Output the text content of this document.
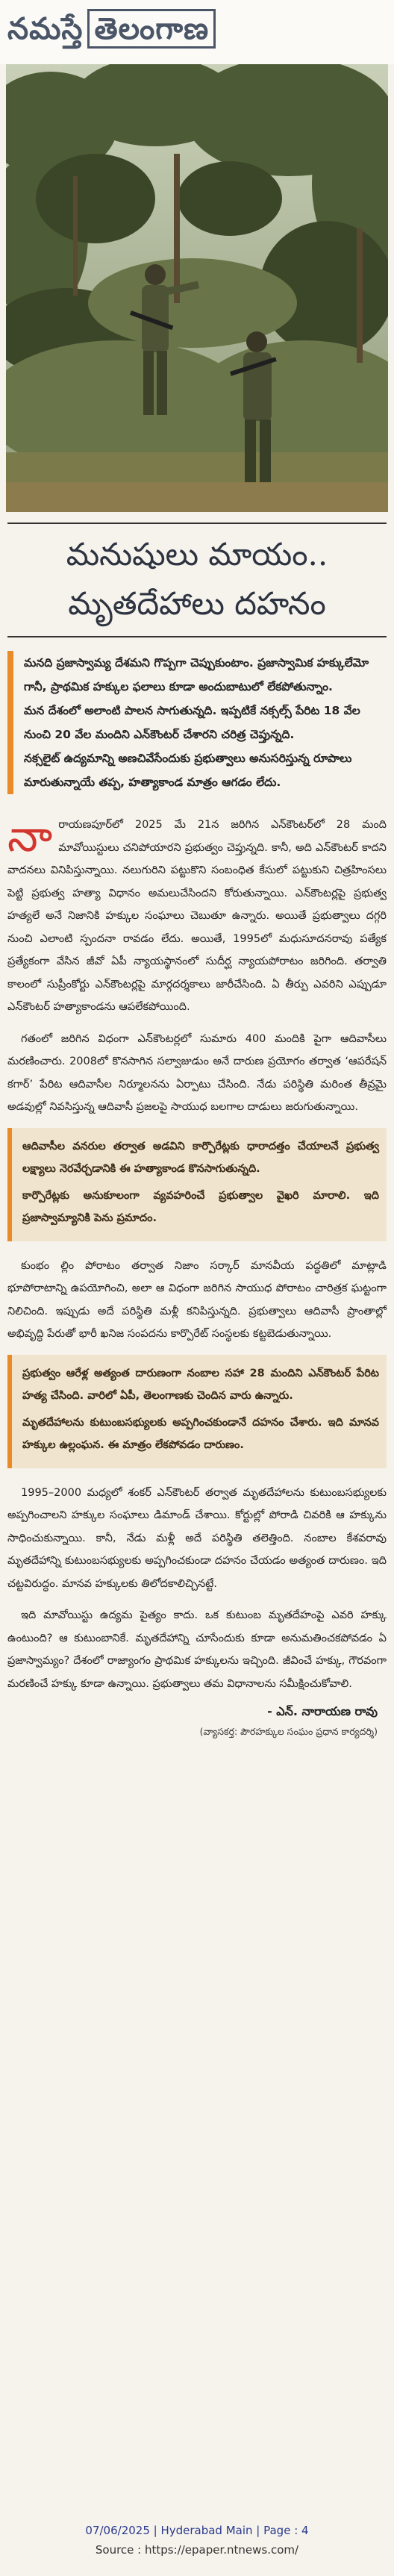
నమస్తే తెలంగాణ
మనుషులు మాయం..
మృతదేహాలు దహనం

మనది ప్రజాస్వామ్య దేశమని గొప్పగా చెప్పుకుంటాం. ప్రజాస్వామిక హక్కులేమో గానీ, ప్రాథమిక హక్కుల ఫలాలు కూడా అందుబాటులో లేకపోతున్నాం.

మన దేశంలో అలాంటి పాలన సాగుతున్నది. ఇప్పటికే నక్సల్స్ పేరిట 18 వేల నుంచి 20 వేల మందిని ఎన్‌కౌంటర్ చేశారని చరిత్ర చెప్తున్నది.

నక్సలైట్ ఉద్యమాన్ని అణచివేసేందుకు ప్రభుత్వాలు అనుసరిస్తున్న రూపాలు మారుతున్నాయే తప్ప, హత్యాకాండ మాత్రం ఆగడం లేదు.

నారాయణపూర్‌లో 2025 మే 21న జరిగిన ఎన్‌కౌంటర్‌లో 28 మంది మావోయిస్టులు చనిపోయారని ప్రభుత్వం చెప్తున్నది. కానీ, అది ఎన్‌కౌంటర్ కాదని వాదనలు వినిపిస్తున్నాయి. నలుగురిని పట్టుకొని సంబంధిత కేసులో పట్టుకుని చిత్రహింసలు పెట్టి ప్రభుత్వ హత్యా విధానం అమలుచేసిందని కోరుతున్నాయి. ఎన్‌కౌంటర్లపై ప్రభుత్వ హత్యలే అనే నిజానికి హక్కుల సంఘాలు చెబుతూ ఉన్నారు. అయితే ప్రభుత్వాలు దగ్గరి నుంచి ఎలాంటి స్పందనా రావడం లేదు. అయితే, 1995లో మధుసూదనరావు పత్యేక ప్రత్యేకంగా వేసిన జీవో ఏపీ న్యాయస్థానంలో సుదీర్ఘ న్యాయపోరాటం జరిగింది. తర్వాతి కాలంలో సుప్రీంకోర్టు ఎన్‌కౌంటర్లపై మార్గదర్శకాలు జారీచేసింది. ఏ తీర్పు ఎవరిని ఎప్పుడూ ఎన్‌కౌంటర్ హత్యాకాండను ఆపలేకపోయింది.

గతంలో జరిగిన విధంగా ఎన్‌కౌంటర్లలో సుమారు 400 మందికి పైగా ఆదివాసీలు మరణించారు. 2008లో కొనసాగిన సల్వాజుడుం అనే దారుణ ప్రయోగం తర్వాత ‘ఆపరేషన్ కగార్’ పేరిట ఆదివాసీల నిర్మూలనను ఏర్పాటు చేసింది. నేడు పరిస్థితి మరింత తీవ్రమై అడవుల్లో నివసిస్తున్న ఆదివాసీ ప్రజలపై సాయుధ బలగాల దాడులు జరుగుతున్నాయి.

ఆదివాసీల వనరుల తర్వాత అడవిని కార్పొరేట్లకు ధారాదత్తం చేయాలనే ప్రభుత్వ లక్ష్యాలు నెరవేర్చడానికి ఈ హత్యాకాండ కొనసాగుతున్నది.

కార్పొరేట్లకు అనుకూలంగా వ్యవహరించే ప్రభుత్వాల వైఖరి మారాలి. ఇది ప్రజాస్వామ్యానికి పెను ప్రమాదం.

కుంభం ల్లిం పోరాటం తర్వాత నిజాం సర్కార్ మానవీయ పద్ధతిలో మాట్లాడి భూపోరాటాన్ని ఉపయోగించి, అలా ఆ విధంగా జరిగిన సాయుధ పోరాటం చారిత్రక ఘట్టంగా నిలిచింది. ఇప్పుడు అదే పరిస్థితి మళ్లీ కనిపిస్తున్నది. ప్రభుత్వాలు ఆదివాసీ ప్రాంతాల్లో అభివృద్ధి పేరుతో భారీ ఖనిజ సంపదను కార్పొరేట్ సంస్థలకు కట్టబెడుతున్నాయి.

ప్రభుత్వం ఆరేళ్ల అత్యంత దారుణంగా నంబాల సహా 28 మందిని ఎన్‌కౌంటర్ పేరిట హత్య చేసింది. వారిలో ఏపీ, తెలంగాణకు చెందిన వారు ఉన్నారు.

మృతదేహాలను కుటుంబసభ్యులకు అప్పగించకుండానే దహనం చేశారు. ఇది మానవ హక్కుల ఉల్లంఘన. ఈ మాత్రం లేకపోవడం దారుణం.

1995–2000 మధ్యలో శంకర్ ఎన్‌కౌంటర్ తర్వాత మృతదేహాలను కుటుంబసభ్యులకు అప్పగించాలని హక్కుల సంఘాలు డిమాండ్ చేశాయి. కోర్టుల్లో పోరాడి చివరికి ఆ హక్కును సాధించుకున్నాయి. కానీ, నేడు మళ్లీ అదే పరిస్థితి తలెత్తింది. నంబాల కేశవరావు మృతదేహాన్ని కుటుంబసభ్యులకు అప్పగించకుండా దహనం చేయడం అత్యంత దారుణం. ఇది చట్టవిరుద్ధం. మానవ హక్కులకు తిలోదకాలిచ్చినట్టే.

ఇది మావోయిస్టు ఉద్యమ పైత్యం కాదు. ఒక కుటుంబ మృతదేహంపై ఎవరి హక్కు ఉంటుంది? ఆ కుటుంబానికే. మృతదేహాన్ని చూసేందుకు కూడా అనుమతించకపోవడం ఏ ప్రజాస్వామ్యం? దేశంలో రాజ్యాంగం ప్రాథమిక హక్కులను ఇచ్చింది. జీవించే హక్కు, గౌరవంగా మరణించే హక్కు కూడా ఉన్నాయి. ప్రభుత్వాలు తమ విధానాలను సమీక్షించుకోవాలి.

- ఎన్. నారాయణ రావు
(వ్యాసకర్త: పౌరహక్కుల సంఘం ప్రధాన కార్యదర్శి)
07/06/2025 | Hyderabad Main | Page : 4
Source : https://epaper.ntnews.com/
